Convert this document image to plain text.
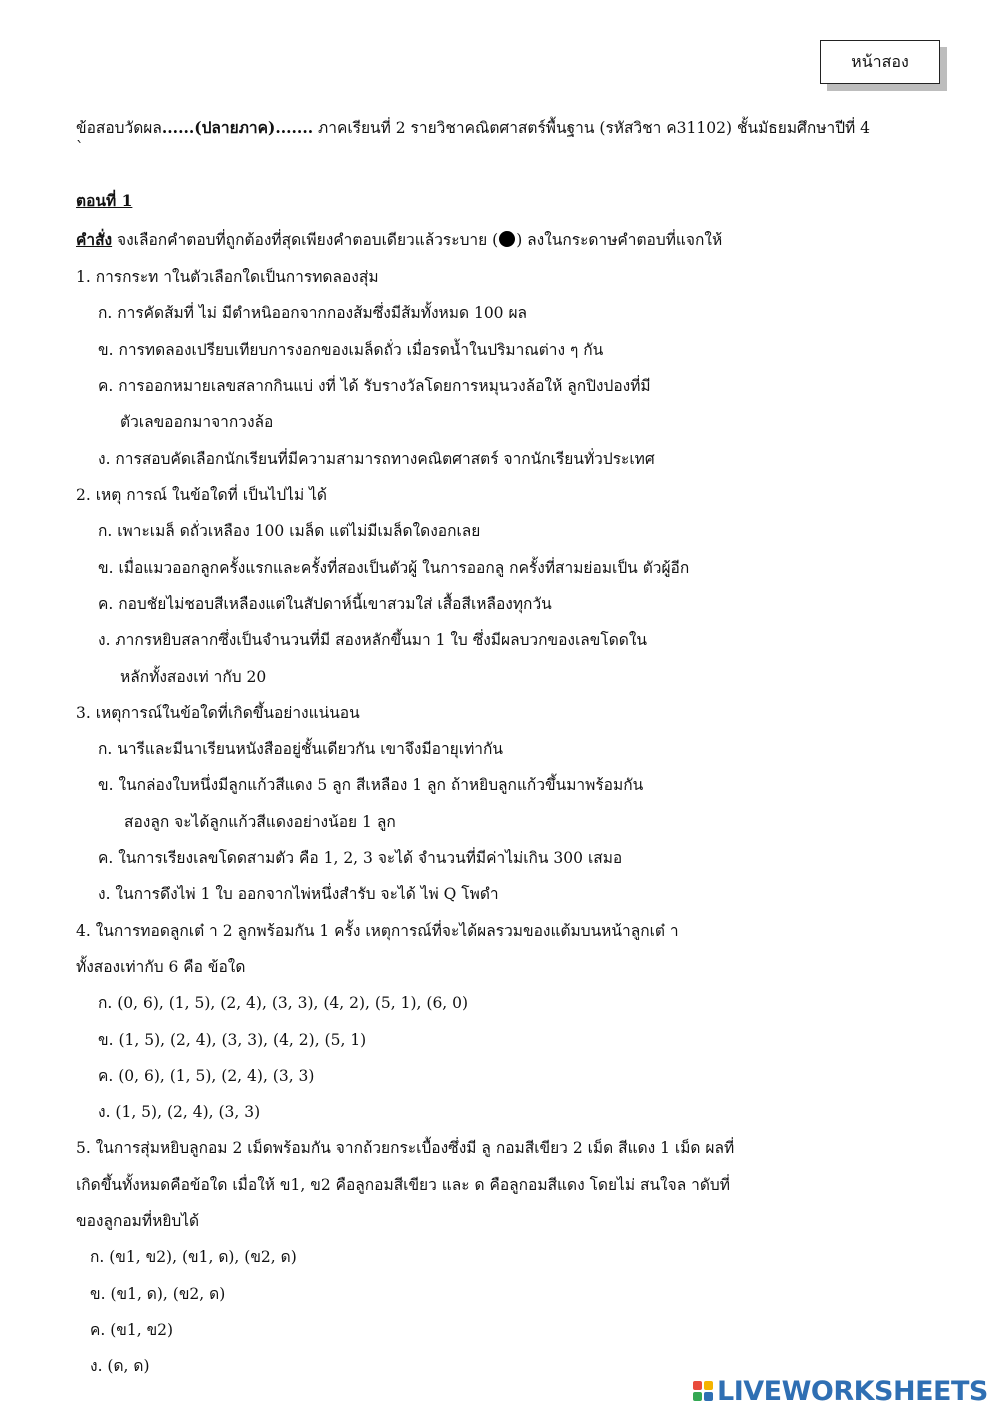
หน้าสอง
ข้อสอบวัดผล......(ปลายภาค)....... ภาคเรียนที่ 2 รายวิชาคณิตศาสตร์พื้นฐาน (รหัสวิชา ค31102) ชั้นมัธยมศึกษาปีที่ 4
`
ตอนที่ 1
คำสั่ง จงเลือกคำตอบที่ถูกต้องที่สุดเพียงคำตอบเดียวแล้วระบาย ( ) ลงในกระดาษคำตอบที่แจกให้
1. การกระท าในตัวเลือกใดเป็นการทดลองสุ่ม
ก. การคัดส้มที่ ไม่ มีตำหนิออกจากกองส้มซึ่งมีส้มทั้งหมด 100 ผล
ข. การทดลองเปรียบเทียบการงอกของเมล็ดถั่ว เมื่อรดน้ำในปริมาณต่าง ๆ กัน
ค. การออกหมายเลขสลากกินแบ่ งที่ ได้ รับรางวัลโดยการหมุนวงล้อให้ ลูกปิงปองที่มี
ตัวเลขออกมาจากวงล้อ
ง. การสอบคัดเลือกนักเรียนที่มีความสามารถทางคณิตศาสตร์ จากนักเรียนทั่วประเทศ
2. เหตุ การณ์ ในข้อใดที่ เป็นไปไม่ ได้
ก. เพาะเมล็ ดถั่วเหลือง 100 เมล็ด แต่ไม่มีเมล็ดใดงอกเลย
ข. เมื่อแมวออกลูกครั้งแรกและครั้งที่สองเป็นตัวผู้ ในการออกลู กครั้งที่สามย่อมเป็น ตัวผู้อีก
ค. กอบชัยไม่ชอบสีเหลืองแต่ในสัปดาห์นี้เขาสวมใส่ เสื้อสีเหลืองทุกวัน
ง. ภากรหยิบสลากซึ่งเป็นจำนวนที่มี สองหลักขึ้นมา 1 ใบ ซึ่งมีผลบวกของเลขโดดใน
หลักทั้งสองเท่ ากับ 20
3. เหตุการณ์ในข้อใดที่เกิดขึ้นอย่างแน่นอน
ก. นารีและมีนาเรียนหนังสืออยู่ชั้นเดียวกัน เขาจึงมีอายุเท่ากัน
ข. ในกล่องใบหนึ่งมีลูกแก้วสีแดง 5 ลูก สีเหลือง 1 ลูก ถ้าหยิบลูกแก้วขึ้นมาพร้อมกัน
สองลูก จะได้ลูกแก้วสีแดงอย่างน้อย 1 ลูก
ค. ในการเรียงเลขโดดสามตัว คือ 1, 2, 3 จะได้ จำนวนที่มีค่าไม่เกิน 300 เสมอ
ง. ในการดึงไพ่ 1 ใบ ออกจากไพ่หนึ่งสำรับ จะได้ ไพ่ Q โพดำ
4. ในการทอดลูกเต๋ า 2 ลูกพร้อมกัน 1 ครั้ง เหตุการณ์ที่จะได้ผลรวมของแต้มบนหน้าลูกเต๋ า
ทั้งสองเท่ากับ 6 คือ ข้อใด
ก. (0, 6), (1, 5), (2, 4), (3, 3), (4, 2), (5, 1), (6, 0)
ข. (1, 5), (2, 4), (3, 3), (4, 2), (5, 1)
ค. (0, 6), (1, 5), (2, 4), (3, 3)
ง. (1, 5), (2, 4), (3, 3)
5. ในการสุ่มหยิบลูกอม 2 เม็ดพร้อมกัน จากถ้วยกระเบื้องซึ่งมี ลู กอมสีเขียว 2 เม็ด สีแดง 1 เม็ด ผลที่
เกิดขึ้นทั้งหมดคือข้อใด เมื่อให้ ข1, ข2 คือลูกอมสีเขียว และ ด คือลูกอมสีแดง โดยไม่ สนใจล าดับที่
ของลูกอมที่หยิบได้
ก. (ข1, ข2), (ข1, ด), (ข2, ด)
ข. (ข1, ด), (ข2, ด)
ค. (ข1, ข2)
ง. (ด, ด)
LIVEWORKSHEETS
